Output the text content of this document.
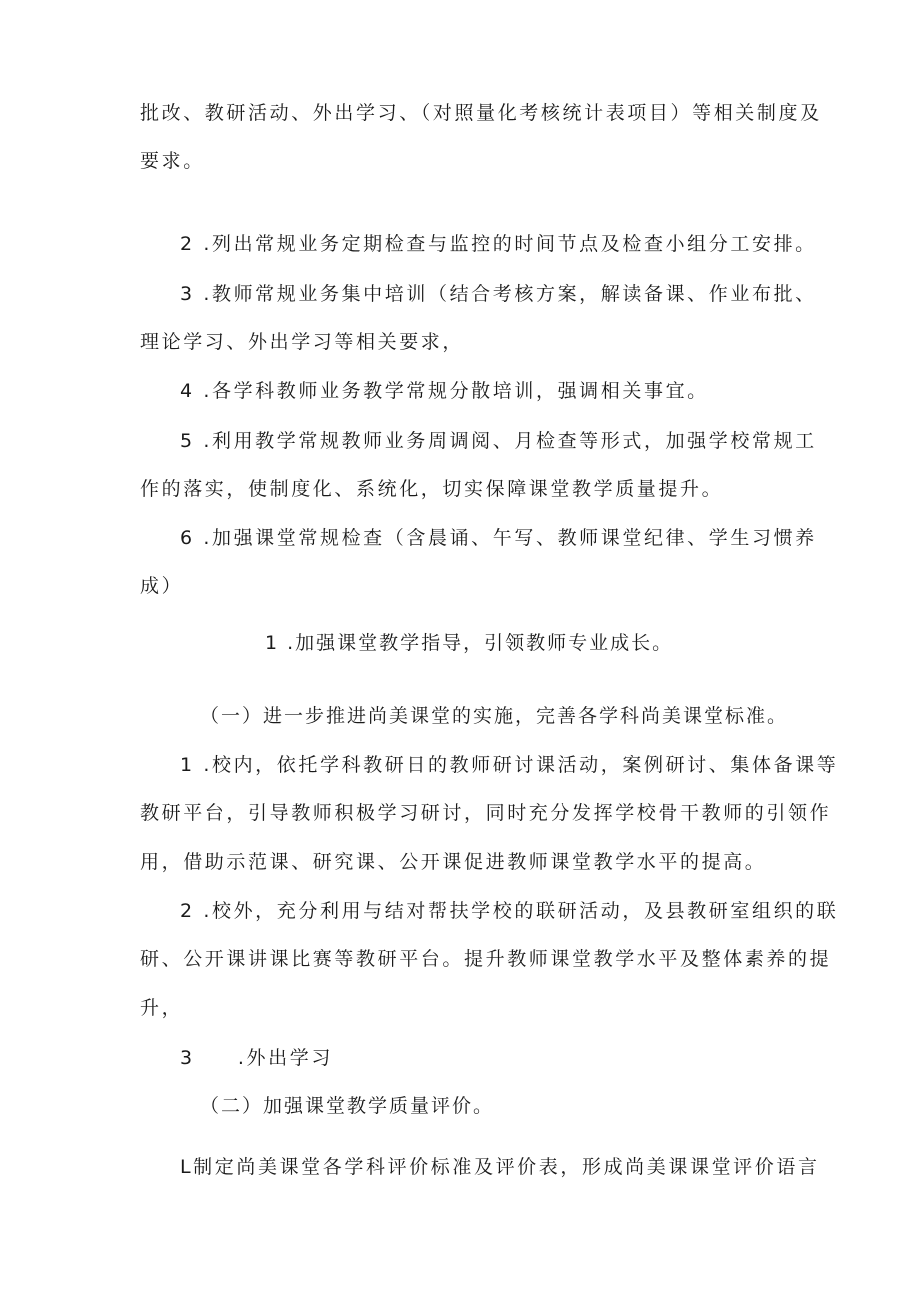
批改、教研活动、外出学习、（对照量化考核统计表项目）等相关制度及
要求。
2 .列出常规业务定期检查与监控的时间节点及检查小组分工安排。
3 .教师常规业务集中培训（结合考核方案，解读备课、作业布批、
理论学习、外出学习等相关要求，
4 .各学科教师业务教学常规分散培训，强调相关事宜。
5 .利用教学常规教师业务周调阅、月检查等形式，加强学校常规工
作的落实，使制度化、系统化，切实保障课堂教学质量提升。
6 .加强课堂常规检查（含晨诵、午写、教师课堂纪律、学生习惯养
成）
1 .加强课堂教学指导，引领教师专业成长。
（一）进一步推进尚美课堂的实施，完善各学科尚美课堂标准。
1 .校内，依托学科教研日的教师研讨课活动，案例研讨、集体备课等
教研平台，引导教师积极学习研讨，同时充分发挥学校骨干教师的引领作
用，借助示范课、研究课、公开课促进教师课堂教学水平的提高。
2 .校外，充分利用与结对帮扶学校的联研活动，及县教研室组织的联
研、公开课讲课比赛等教研平台。提升教师课堂教学水平及整体素养的提
升，
3　　.外出学习
（二）加强课堂教学质量评价。
L制定尚美课堂各学科评价标准及评价表，形成尚美课课堂评价语言
